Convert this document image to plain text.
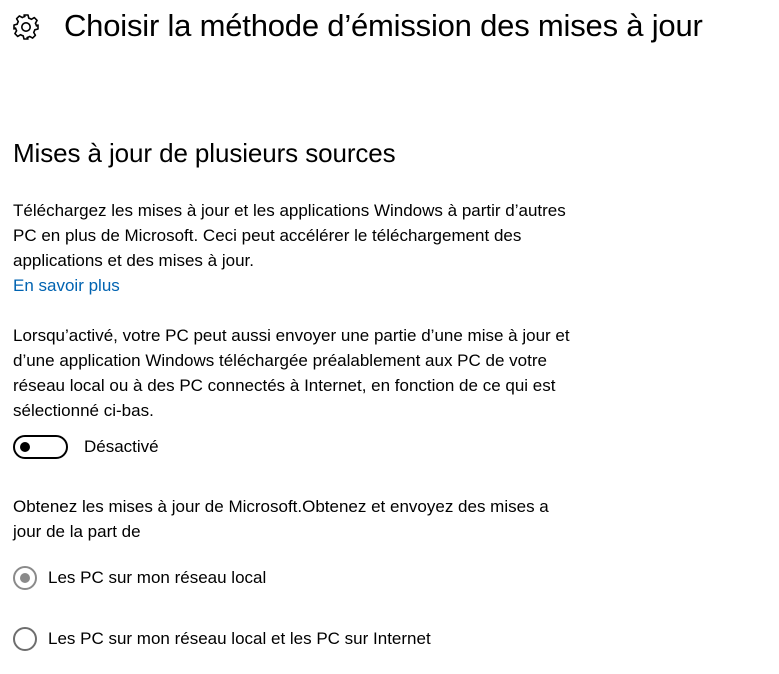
Choisir la méthode d’émission des mises à jour
Mises à jour de plusieurs sources
Téléchargez les mises à jour et les applications Windows à partir d’autres PC en plus de Microsoft. Ceci peut accélérer le téléchargement des applications et des mises à jour.
En savoir plus
Lorsqu’activé, votre PC peut aussi envoyer une partie d’une mise à jour et d’une application Windows téléchargée préalablement aux PC de votre réseau local ou à des PC connectés à Internet, en fonction de ce qui est sélectionné ci-bas.
Désactivé
Obtenez les mises à jour de Microsoft.Obtenez et envoyez des mises a jour de la part de
Les PC sur mon réseau local
Les PC sur mon réseau local et les PC sur Internet
